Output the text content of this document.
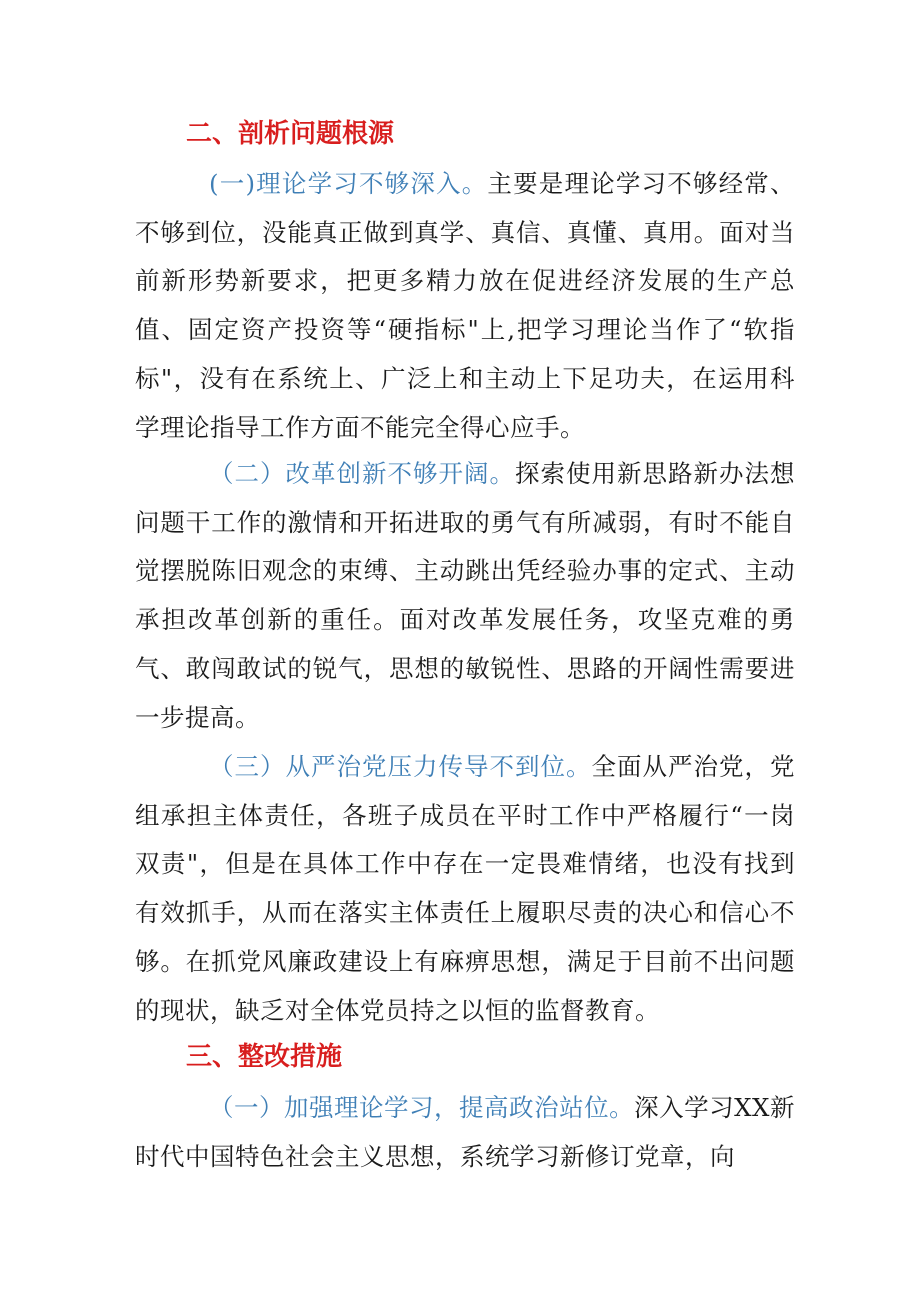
二、剖析问题根源

(一)理论学习不够深入。主要是理论学习不够经常、不够到位，没能真正做到真学、真信、真懂、真用。面对当前新形势新要求，把更多精力放在促进经济发展的生产总值、固定资产投资等“硬指标"上,把学习理论当作了“软指标"，没有在系统上、广泛上和主动上下足功夫，在运用科学理论指导工作方面不能完全得心应手。

（二）改革创新不够开阔。探索使用新思路新办法想问题干工作的激情和开拓进取的勇气有所减弱，有时不能自觉摆脱陈旧观念的束缚、主动跳出凭经验办事的定式、主动承担改革创新的重任。面对改革发展任务，攻坚克难的勇气、敢闯敢试的锐气，思想的敏锐性、思路的开阔性需要进一步提高。

（三）从严治党压力传导不到位。全面从严治党，党组承担主体责任，各班子成员在平时工作中严格履行“一岗双责"，但是在具体工作中存在一定畏难情绪，也没有找到有效抓手，从而在落实主体责任上履职尽责的决心和信心不够。在抓党风廉政建设上有麻痹思想，满足于目前不出问题的现状，缺乏对全体党员持之以恒的监督教育。

三、整改措施

（一）加强理论学习，提高政治站位。深入学习XX新时代中国特色社会主义思想，系统学习新修订党章，向
